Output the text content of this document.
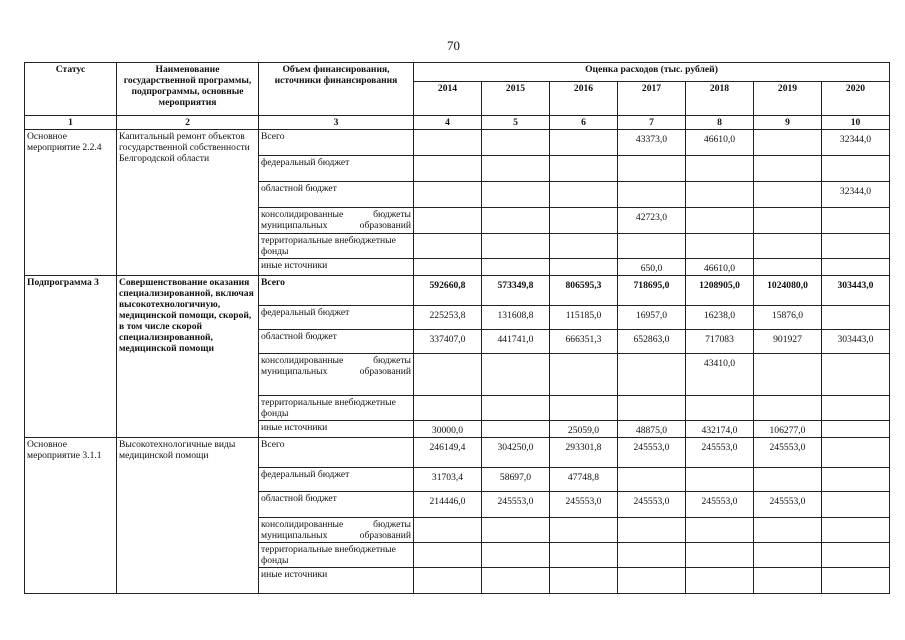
70
Статус	Наименование государственной программы, подпрограммы, основные мероприятия	Объем финансирования, источники финансирования	Оценка расходов (тыс. рублей)						
			2014	2015	2016	2017	2018	2019	2020
1	2	3	4	5	6	7	8	9	10
Основное мероприятие 2.2.4	Капитальный ремонт объектов государственной собственности Белгородской области	Всего				43373,0	46610,0		32344,0
		федеральный бюджет							
		областной бюджет							32344,0
		консолидированные бюджеты муниципальных образований				42723,0			
		территориальные внебюджетные фонды							
		иные источники				650,0	46610,0		
Подпрограмма 3	Совершенствование оказания специализированной, включая высокотехнологичную, медицинской помощи, скорой, в том числе скорой специализированной, медицинской помощи	Всего	592660,8	573349,8	806595,3	718695,0	1208905,0	1024080,0	303443,0
		федеральный бюджет	225253,8	131608,8	115185,0	16957,0	16238,0	15876,0	
		областной бюджет	337407,0	441741,0	666351,3	652863,0	717083	901927	303443,0
		консолидированные бюджеты муниципальных образований					43410,0		
		территориальные внебюджетные фонды							
		иные источники	30000,0		25059,0	48875,0	432174,0	106277,0	
Основное мероприятие 3.1.1	Высокотехнологичные виды медицинской помощи	Всего	246149,4	304250,0	293301,8	245553,0	245553,0	245553,0	
		федеральный бюджет	31703,4	58697,0	47748,8				
		областной бюджет	214446,0	245553,0	245553,0	245553,0	245553,0	245553,0	
		консолидированные бюджеты муниципальных образований							
		территориальные внебюджетные фонды							
		иные источники							
